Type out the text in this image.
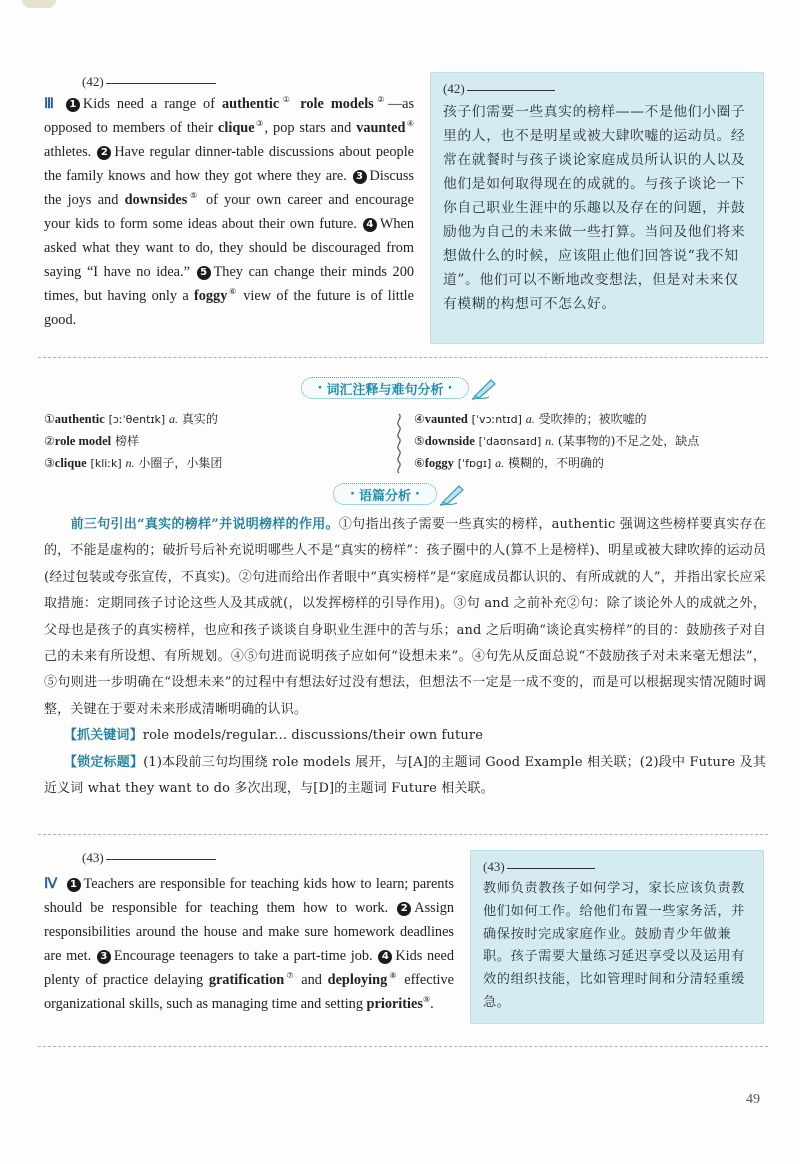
(42)
Ⅲ 1 Kids need a range of authentic① role models②—as opposed to members of their clique③, pop stars and vaunted④ athletes. 2 Have regular dinner-table discussions about people the family knows and how they got where they are. 3 Discuss the joys and downsides⑤ of your own career and encourage your kids to form some ideas about their own future. 4 When asked what they want to do, they should be discouraged from saying “I have no idea.” 5 They can change their minds 200 times, but having only a foggy⑥ view of the future is of little good.
(42)
孩子们需要一些真实的榜样——不是他们小圈子里的人，也不是明星或被大肆吹嘘的运动员。经常在就餐时与孩子谈论家庭成员所认识的人以及他们是如何取得现在的成就的。与孩子谈论一下你自己职业生涯中的乐趣以及存在的问题，并鼓励他为自己的未来做一些打算。当问及他们将来想做什么的时候，应该阻止他们回答说“我不知道”。他们可以不断地改变想法，但是对未来仅有模糊的构想可不怎么好。
· 词汇注释与难句分析 ·
①authentic [ɔːˈθentɪk] a. 真实的
②role model 榜样
③clique [kliːk] n. 小圈子，小集团
④vaunted [ˈvɔːntɪd] a. 受吹捧的；被吹嘘的
⑤downside [ˈdaʊnsaɪd] n. (某事物的)不足之处，缺点
⑥foggy [ˈfɒgɪ] a. 模糊的，不明确的
· 语篇分析 ·

　　前三句引出“真实的榜样”并说明榜样的作用。①句指出孩子需要一些真实的榜样，authentic 强调这些榜样要真实存在的，不能是虚构的；破折号后补充说明哪些人不是“真实的榜样”：孩子圈中的人(算不上是榜样)、明星或被大肆吹捧的运动员(经过包装或夸张宣传，不真实)。②句进而给出作者眼中“真实榜样”是“家庭成员都认识的、有所成就的人”，并指出家长应采取措施：定期同孩子讨论这些人及其成就(，以发挥榜样的引导作用)。③句 and 之前补充②句：除了谈论外人的成就之外，父母也是孩子的真实榜样，也应和孩子谈谈自身职业生涯中的苦与乐；and 之后明确“谈论真实榜样”的目的：鼓励孩子对自己的未来有所设想、有所规划。④⑤句进而说明孩子应如何“设想未来”。④句先从反面总说“不鼓励孩子对未来毫无想法”，⑤句则进一步明确在“设想未来”的过程中有想法好过没有想法，但想法不一定是一成不变的，而是可以根据现实情况随时调整，关键在于要对未来形成清晰明确的认识。

　　【抓关键词】role models/regular... discussions/their own future

　　【锁定标题】(1)本段前三句均围绕 role models 展开，与[A]的主题词 Good Example 相关联；(2)段中 Future 及其近义词 what they want to do 多次出现，与[D]的主题词 Future 相关联。

(43)
Ⅳ 1 Teachers are responsible for teaching kids how to learn; parents should be responsible for teaching them how to work. 2 Assign responsibilities around the house and make sure homework deadlines are met. 3 Encourage teenagers to take a part-time job. 4 Kids need plenty of practice delaying gratification⑦ and deploying⑧ effective organizational skills, such as managing time and setting priorities⑨.
(43)
教师负责教孩子如何学习，家长应该负责教他们如何工作。给他们布置一些家务活，并确保按时完成家庭作业。鼓励青少年做兼职。孩子需要大量练习延迟享受以及运用有效的组织技能，比如管理时间和分清轻重缓急。
49
